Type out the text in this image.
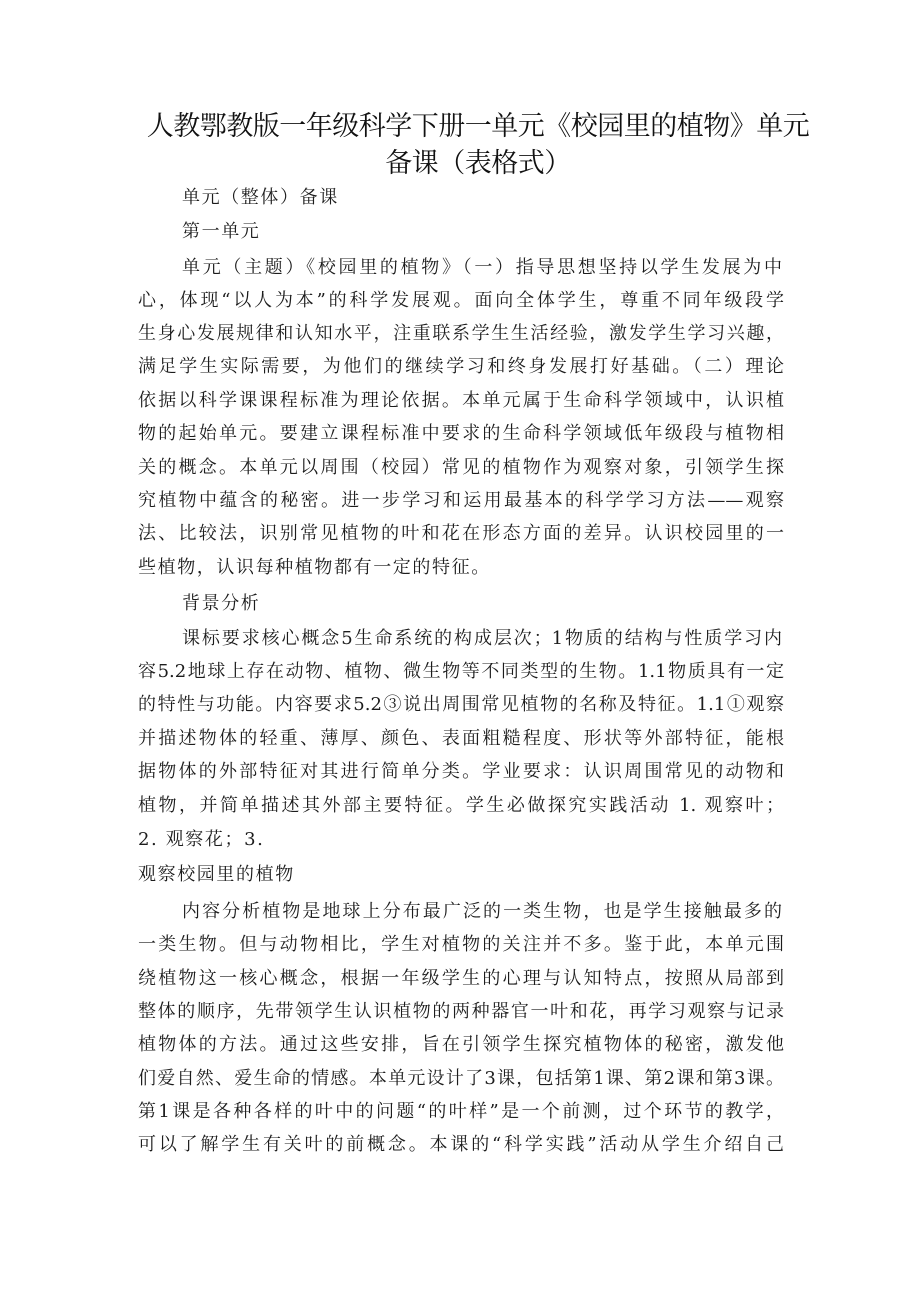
人教鄂教版一年级科学下册一单元《校园里的植物》单元
备课（表格式）
单元（整体）备课
第一单元
单元（主题）《校园里的植物》（一）指导思想坚持以学生发展为中
心，体现“以人为本”的科学发展观。面向全体学生，尊重不同年级段学
生身心发展规律和认知水平，注重联系学生生活经验，激发学生学习兴趣，
满足学生实际需要，为他们的继续学习和终身发展打好基础。（二）理论
依据以科学课课程标准为理论依据。本单元属于生命科学领域中，认识植
物的起始单元。要建立课程标准中要求的生命科学领域低年级段与植物相
关的概念。本单元以周围（校园）常见的植物作为观察对象，引领学生探
究植物中蕴含的秘密。进一步学习和运用最基本的科学学习方法——观察
法、比较法，识别常见植物的叶和花在形态方面的差异。认识校园里的一
些植物，认识每种植物都有一定的特征。
背景分析
课标要求核心概念5生命系统的构成层次；1物质的结构与性质学习内
容5.2地球上存在动物、植物、微生物等不同类型的生物。1.1物质具有一定
的特性与功能。内容要求5.2③说出周围常见植物的名称及特征。1.1①观察
并描述物体的轻重、薄厚、颜色、表面粗糙程度、形状等外部特征，能根
据物体的外部特征对其进行简单分类。学业要求：认识周围常见的动物和
植物，并简单描述其外部主要特征。学生必做探究实践活动 1. 观察叶；
2. 观察花；3.
观察校园里的植物
内容分析植物是地球上分布最广泛的一类生物，也是学生接触最多的
一类生物。但与动物相比，学生对植物的关注并不多。鉴于此，本单元围
绕植物这一核心概念，根据一年级学生的心理与认知特点，按照从局部到
整体的顺序，先带领学生认识植物的两种器官一叶和花，再学习观察与记录
植物体的方法。通过这些安排，旨在引领学生探究植物体的秘密，激发他
们爱自然、爱生命的情感。本单元设计了3课，包括第1课、第2课和第3课。
第1课是各种各样的叶中的问题“的叶样”是一个前测，过个环节的教学，
可以了解学生有关叶的前概念。本课的“科学实践”活动从学生介绍自己
